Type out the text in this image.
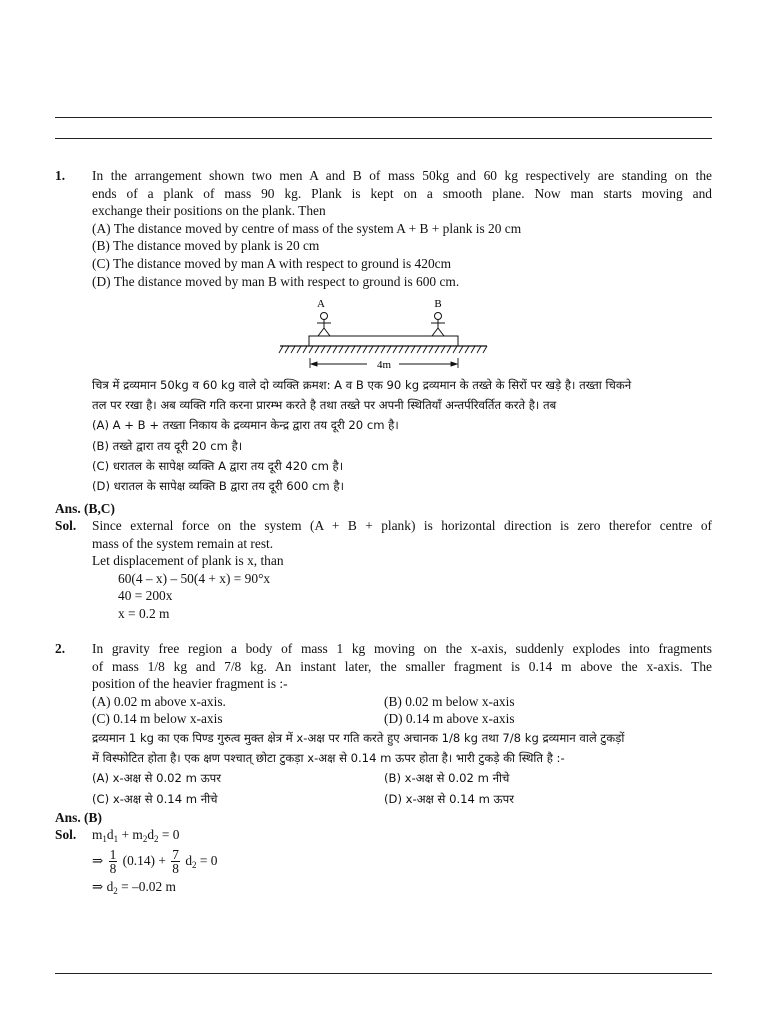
1. In the arrangement shown two men A and B of mass 50kg and 60 kg respectively are standing on the
ends of a plank of mass 90 kg. Plank is kept on a smooth plane. Now man starts moving and
exchange their positions on the plank. Then
(A) The distance moved by centre of mass of the system A + B + plank is 20 cm
(B) The distance moved by plank is 20 cm
(C) The distance moved by man A with respect to ground is 420cm
(D) The distance moved by man B with respect to ground is 600 cm.
A	B
4m
चित्र में द्रव्यमान 50kg व 60 kg वाले दो व्यक्ति क्रमश: A व B एक 90 kg द्रव्यमान के तख्ते के सिरों पर खड़े है। तख्ता चिकने
तल पर रखा है। अब व्यक्ति गति करना प्रारम्भ करते है तथा तख्ते पर अपनी स्थितियाँ अन्तर्परिवर्तित करते है। तब
(A) A + B + तख्ता निकाय के द्रव्यमान केन्द्र द्वारा तय दूरी 20 cm है।
(B) तख्ते द्वारा तय दूरी 20 cm है।
(C) धरातल के सापेक्ष व्यक्ति A द्वारा तय दूरी 420 cm है।
(D) धरातल के सापेक्ष व्यक्ति B द्वारा तय दूरी 600 cm है।
Ans. (B,C)
Sol. Since external force on the system (A + B + plank) is horizontal direction is zero therefor centre of
mass of the system remain at rest.
Let displacement of plank is x, than
60(4 – x) – 50(4 + x) = 90°x
40 = 200x
x = 0.2 m
2. In gravity free region a body of mass 1 kg moving on the x-axis, suddenly explodes into fragments
of mass 1/8 kg and 7/8 kg. An instant later, the smaller fragment is 0.14 m above the x-axis. The
position of the heavier fragment is :-
(A) 0.02 m above x-axis.	(B) 0.02 m below x-axis
(C) 0.14 m below x-axis	(D) 0.14 m above x-axis
द्रव्यमान 1 kg का एक पिण्ड गुरुत्व मुक्त क्षेत्र में x-अक्ष पर गति करते हुए अचानक 1/8 kg तथा 7/8 kg द्रव्यमान वाले टुकड़ों
में विस्फोटित होता है। एक क्षण पश्चात् छोटा टुकड़ा x-अक्ष से 0.14 m ऊपर होता है। भारी टुकड़े की स्थिति है :-
(A) x-अक्ष से 0.02 m ऊपर	(B) x-अक्ष से 0.02 m नीचे
(C) x-अक्ष से 0.14 m नीचे	(D) x-अक्ष से 0.14 m ऊपर
Ans. (B)
Sol. $m_1d_1 + m_2d_2 = 0$
⇒ $\frac{1}{8} (0.14) + \frac{7}{8} d_2 = 0$
⇒ $d_2 = -0.02$ m
